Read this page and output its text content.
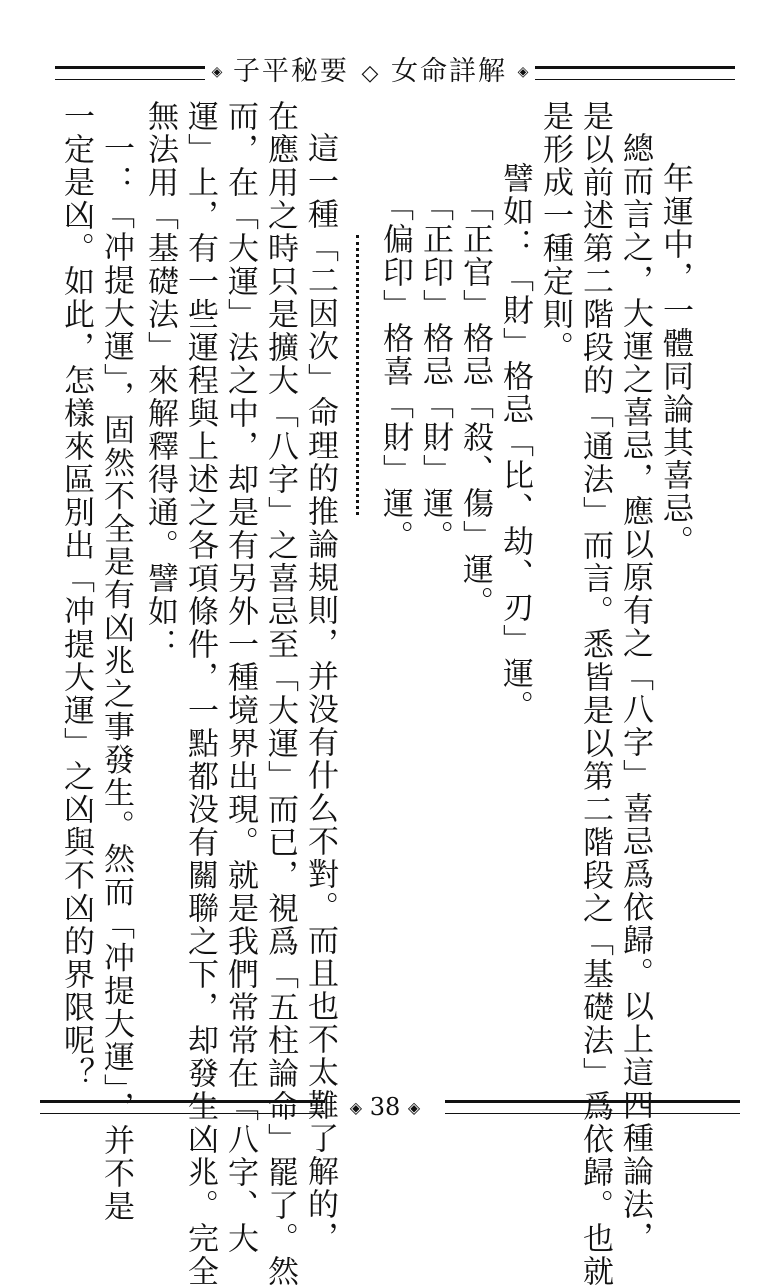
◈ 子平秘要 ◇ 女命詳解 ◈

年運中，一體同論其喜忌。

總而言之，大運之喜忌，應以原有之「八字」喜忌爲依歸。以上這四種論法，

是以前述第二階段的「通法」而言。悉皆是以第二階段之「基礎法」爲依歸。也就

是形成一種定則。

譬如：「財」格忌「比、劫、刃」運。

「正官」格忌「殺、傷」運。

「正印」格忌「財」運。

「偏印」格喜「財」運。

這一種「二因次」命理的推論規則，并没有什么不對。而且也不太難了解的，

在應用之時只是擴大「八字」之喜忌至「大運」而已，視爲「五柱論命」罷了。然

而，在「大運」法之中，却是有另外一種境界出現。就是我們常常在「八字、大

運」上，有一些運程與上述之各項條件，一點都没有關聯之下，却發生凶兆。完全

無法用「基礎法」來解釋得通。譬如：

一：「冲提大運」，固然不全是有凶兆之事發生。然而「冲提大運」，并不是

一定是凶。如此，怎樣來區別出「冲提大運」之凶與不凶的界限呢？

◈ 38 ◈
